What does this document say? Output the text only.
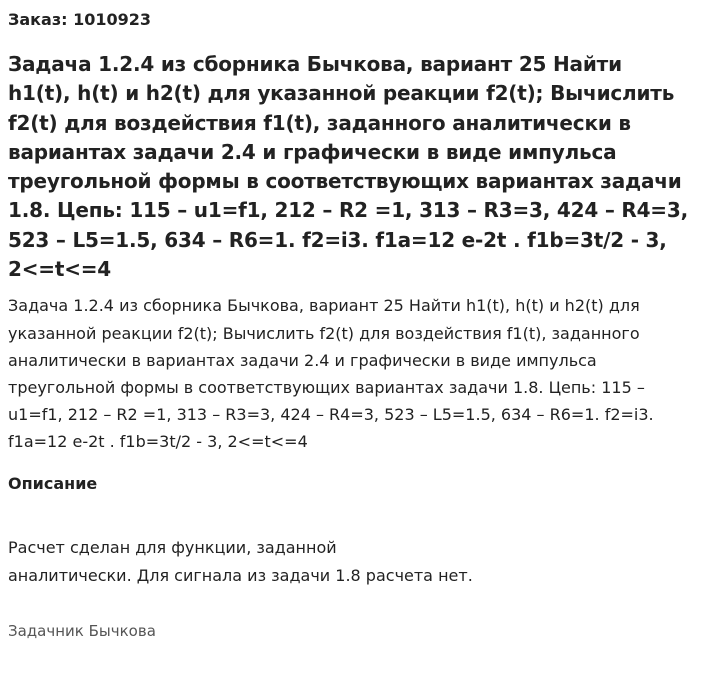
Заказ: 1010923
Задача 1.2.4 из сборника Бычкова, вариант 25 Найти h1(t), h(t) и h2(t) для указанной реакции f2(t); Вычислить f2(t) для воздействия f1(t), заданного аналитически в вариантах задачи 2.4 и графически в виде импульса треугольной формы в соответствующих вариантах задачи 1.8. Цепь: 115 – u1=f1, 212 – R2 =1, 313 – R3=3, 424 – R4=3, 523 – L5=1.5, 634 – R6=1. f2=i3. f1a=12 e-2t . f1b=3t/2 - 3, 2<=t<=4

Задача 1.2.4 из сборника Бычкова, вариант 25 Найти h1(t), h(t) и h2(t) для указанной реакции f2(t); Вычислить f2(t) для воздействия f1(t), заданного аналитически в вариантах задачи 2.4 и графически в виде импульса треугольной формы в соответствующих вариантах задачи 1.8. Цепь: 115 – u1=f1, 212 – R2 =1, 313 – R3=3, 424 – R4=3, 523 – L5=1.5, 634 – R6=1. f2=i3. f1a=12 e-2t . f1b=3t/2 - 3, 2<=t<=4

Описание

Расчет сделан для функции, заданной
аналитически. Для сигнала из задачи 1.8 расчета нет.

Задачник Бычкова
